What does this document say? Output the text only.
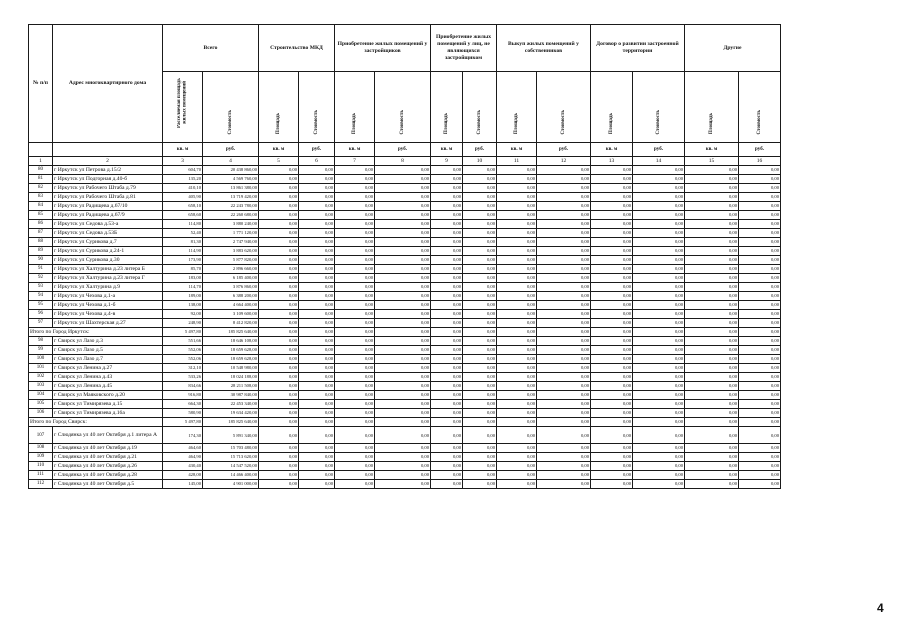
№ п/п	Адрес многоквартирного дома	Всего		Строительство МКД		Приобретение жилых помещений у застройщиков		Приобретение жилых помещений у лиц, не являющихся застройщиком		Выкуп жилых помещений у собственников		Договор о развитии застроенной территории		Другие	
		Расселяемая площадь жилых помещений	Стоимость	Площадь	Стоимость	Площадь	Стоимость	Площадь	Стоимость	Площадь	Стоимость	Площадь	Стоимость	Площадь	Стоимость
		кв. м	руб.	кв. м	руб.	кв. м	руб.	кв. м	руб.	кв. м	руб.	кв. м	руб.	кв. м	руб.
1	2	3	4	5	6	7	8	9	10	11	12	13	14	15	16
80	г Иркутск ул Петрова д.15/2	604,70	20 438 860,00	0,00	0,00	0,00	0,00	0,00	0,00	0,00	0,00	0,00	0,00	0,00	0,00
81	г Иркутск ул Подгорная д.40-б	135,20	4 569 760,00	0,00	0,00	0,00	0,00	0,00	0,00	0,00	0,00	0,00	0,00	0,00	0,00
82	г Иркутск ул Рабочего Штаба д.79	410,10	13 861 380,00	0,00	0,00	0,00	0,00	0,00	0,00	0,00	0,00	0,00	0,00	0,00	0,00
83	г Иркутск ул Рабочего Штаба д.81	405,90	13 719 420,00	0,00	0,00	0,00	0,00	0,00	0,00	0,00	0,00	0,00	0,00	0,00	0,00
84	г Иркутск ул Радищева д.67/10	658,10	22 243 780,00	0,00	0,00	0,00	0,00	0,00	0,00	0,00	0,00	0,00	0,00	0,00	0,00
85	г Иркутск ул Радищева д.67/9	658,60	22 260 680,00	0,00	0,00	0,00	0,00	0,00	0,00	0,00	0,00	0,00	0,00	0,00	0,00
86	г Иркутск ул Седова д.53-а	114,80	3 880 240,00	0,00	0,00	0,00	0,00	0,00	0,00	0,00	0,00	0,00	0,00	0,00	0,00
87	г Иркутск ул Седова д.53Б	52,40	1 771 120,00	0,00	0,00	0,00	0,00	0,00	0,00	0,00	0,00	0,00	0,00	0,00	0,00
88	г Иркутск ул Сурикова д.7	81,30	2 747 940,00	0,00	0,00	0,00	0,00	0,00	0,00	0,00	0,00	0,00	0,00	0,00	0,00
89	г Иркутск ул Сурикова д.24-1	114,90	3 883 620,00	0,00	0,00	0,00	0,00	0,00	0,00	0,00	0,00	0,00	0,00	0,00	0,00
90	г Иркутск ул Сурикова д.30	173,90	5 877 820,00	0,00	0,00	0,00	0,00	0,00	0,00	0,00	0,00	0,00	0,00	0,00	0,00
91	г Иркутск ул Халтурина д.23 литера Б	85,70	2 896 660,00	0,00	0,00	0,00	0,00	0,00	0,00	0,00	0,00	0,00	0,00	0,00	0,00
92	г Иркутск ул Халтурина д.23 литера Г	183,00	6 185 400,00	0,00	0,00	0,00	0,00	0,00	0,00	0,00	0,00	0,00	0,00	0,00	0,00
93	г Иркутск ул Халтурина д.9	114,70	3 876 860,00	0,00	0,00	0,00	0,00	0,00	0,00	0,00	0,00	0,00	0,00	0,00	0,00
94	г Иркутск ул Чехова д.1-а	189,00	6 388 200,00	0,00	0,00	0,00	0,00	0,00	0,00	0,00	0,00	0,00	0,00	0,00	0,00
95	г Иркутск ул Чехова д.1-б	138,00	4 664 400,00	0,00	0,00	0,00	0,00	0,00	0,00	0,00	0,00	0,00	0,00	0,00	0,00
96	г Иркутск ул Чехова д.4-в	92,00	3 109 600,00	0,00	0,00	0,00	0,00	0,00	0,00	0,00	0,00	0,00	0,00	0,00	0,00
97	г Иркутск ул Шахтерская д.27	248,90	8 412 820,00	0,00	0,00	0,00	0,00	0,00	0,00	0,00	0,00	0,00	0,00	0,00	0,00
Итого по Город Иркутск:		5 497,80	185 825 640,00	0,00	0,00	0,00	0,00	0,00	0,00	0,00	0,00	0,00	0,00	0,00	0,00
98	г Свирск ул Лазо д.3	551,66	18 646 108,00	0,00	0,00	0,00	0,00	0,00	0,00	0,00	0,00	0,00	0,00	0,00	0,00
99	г Свирск ул Лазо д.5	552,06	18 659 628,00	0,00	0,00	0,00	0,00	0,00	0,00	0,00	0,00	0,00	0,00	0,00	0,00
100	г Свирск ул Лазо д.7	552,06	18 659 628,00	0,00	0,00	0,00	0,00	0,00	0,00	0,00	0,00	0,00	0,00	0,00	0,00
101	г Свирск ул Ленина д.27	312,10	10 548 980,00	0,00	0,00	0,00	0,00	0,00	0,00	0,00	0,00	0,00	0,00	0,00	0,00
102	г Свирск ул Ленина д.43	533,26	18 024 188,00	0,00	0,00	0,00	0,00	0,00	0,00	0,00	0,00	0,00	0,00	0,00	0,00
103	г Свирск ул Ленина д.45	834,66	28 211 508,00	0,00	0,00	0,00	0,00	0,00	0,00	0,00	0,00	0,00	0,00	0,00	0,00
104	г Свирск ул Маяковского д.20	916,80	30 987 840,00	0,00	0,00	0,00	0,00	0,00	0,00	0,00	0,00	0,00	0,00	0,00	0,00
105	г Свирск ул Тимирязева д.15	664,30	22 453 340,00	0,00	0,00	0,00	0,00	0,00	0,00	0,00	0,00	0,00	0,00	0,00	0,00
106	г Свирск ул Тимирязева д.16а	580,90	19 634 420,00	0,00	0,00	0,00	0,00	0,00	0,00	0,00	0,00	0,00	0,00	0,00	0,00
Итого по Город Свирск:		5 497,80	185 825 640,00	0,00	0,00	0,00	0,00	0,00	0,00	0,00	0,00	0,00	0,00	0,00	0,00
107	г Слюдянка ул 40 лет Октября д.1 литера А	174,30	5 891 340,00	0,00	0,00	0,00	0,00	0,00	0,00	0,00	0,00	0,00	0,00	0,00	0,00
108	г Слюдянка ул 40 лет Октября д.19	464,60	15 703 480,00	0,00	0,00	0,00	0,00	0,00	0,00	0,00	0,00	0,00	0,00	0,00	0,00
109	г Слюдянка ул 40 лет Октября д.21	464,90	15 713 620,00	0,00	0,00	0,00	0,00	0,00	0,00	0,00	0,00	0,00	0,00	0,00	0,00
110	г Слюдянка ул 40 лет Октября д.26	430,40	14 547 520,00	0,00	0,00	0,00	0,00	0,00	0,00	0,00	0,00	0,00	0,00	0,00	0,00
111	г Слюдянка ул 40 лет Октября д.28	428,00	14 466 400,00	0,00	0,00	0,00	0,00	0,00	0,00	0,00	0,00	0,00	0,00	0,00	0,00
112	г Слюдянка ул 40 лет Октября д.5	145,00	4 901 000,00	0,00	0,00	0,00	0,00	0,00	0,00	0,00	0,00	0,00	0,00	0,00	0,00
4
